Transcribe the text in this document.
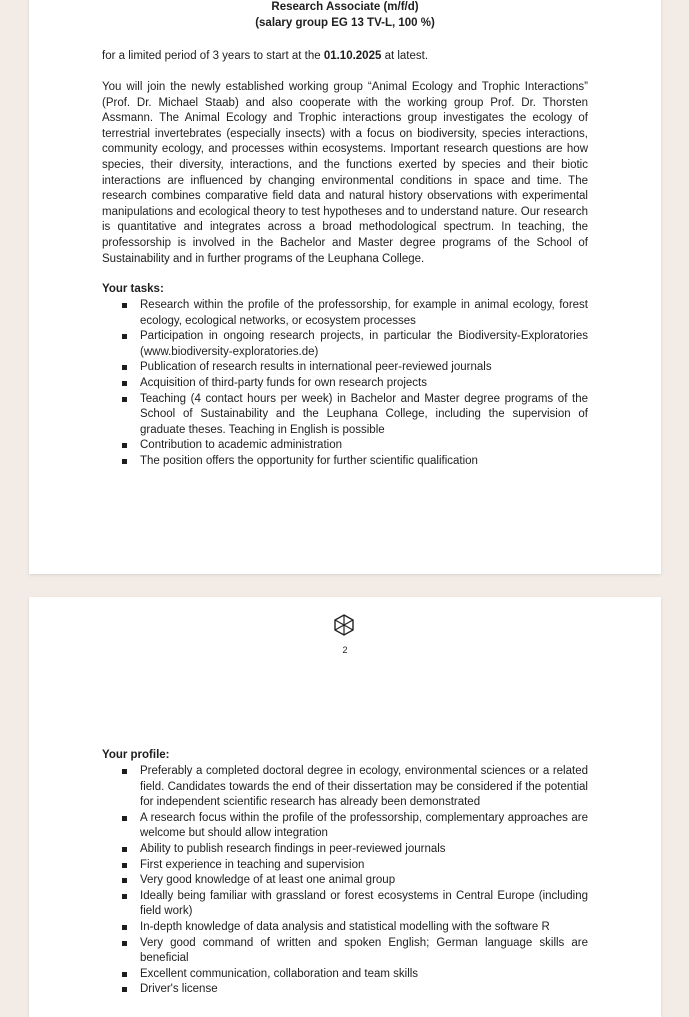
Research Associate (m/f/d)
(salary group EG 13 TV-L, 100 %)
for a limited period of 3 years to start at the 01.10.2025 at latest.
You will join the newly established working group “Animal Ecology and Trophic Interactions” (Prof. Dr. Michael Staab) and also cooperate with the working group Prof. Dr. Thorsten Assmann. The Animal Ecology and Trophic interactions group investigates the ecology of terrestrial invertebrates (especially insects) with a focus on biodiversity, species interactions, community ecology, and processes within ecosystems. Important research questions are how species, their diversity, interactions, and the functions exerted by species and their biotic interactions are influenced by changing environmental conditions in space and time. The research combines comparative field data and natural history observations with experimental manipulations and ecological theory to test hypotheses and to understand nature. Our research is quantitative and integrates across a broad methodological spectrum. In teaching, the professorship is involved in the Bachelor and Master degree programs of the School of Sustainability and in further programs of the Leuphana College.
Your tasks:
Research within the profile of the professorship, for example in animal ecology, forest ecology, ecological networks, or ecosystem processes
Participation in ongoing research projects, in particular the Biodiversity-Exploratories (www.biodiversity-exploratories.de)
Publication of research results in international peer-reviewed journals
Acquisition of third-party funds for own research projects
Teaching (4 contact hours per week) in Bachelor and Master degree programs of the School of Sustainability and the Leuphana College, including the supervision of graduate theses. Teaching in English is possible
Contribution to academic administration
The position offers the opportunity for further scientific qualification
2
Your profile:
Preferably a completed doctoral degree in ecology, environmental sciences or a related field. Candidates towards the end of their dissertation may be considered if the potential for independent scientific research has already been demonstrated
A research focus within the profile of the professorship, complementary approaches are welcome but should allow integration
Ability to publish research findings in peer-reviewed journals
First experience in teaching and supervision
Very good knowledge of at least one animal group
Ideally being familiar with grassland or forest ecosystems in Central Europe (including field work)
In-depth knowledge of data analysis and statistical modelling with the software R
Very good command of written and spoken English; German language skills are beneficial
Excellent communication, collaboration and team skills
Driver's license
